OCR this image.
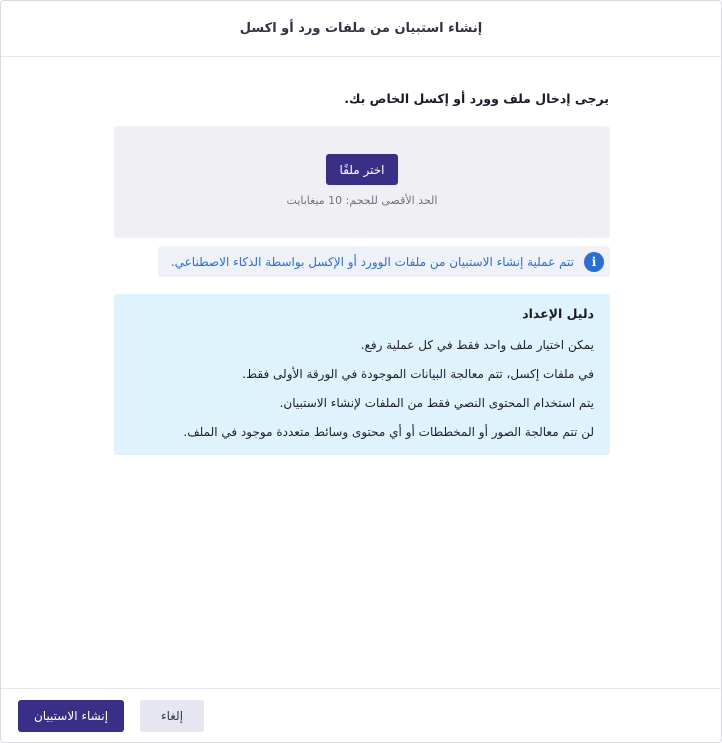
إنشاء استبيان من ملفات ورد أو اكسل
يرجى إدخال ملف وورد أو إكسل الخاص بك.
اختر ملفًا
الحد الأقصى للحجم: 10 ميغابايت
i
تتم عملية إنشاء الاستبيان من ملفات الوورد أو الإكسل بواسطة الذكاء الاصطناعي.
دليل الإعداد
يمكن اختيار ملف واحد فقط في كل عملية رفع.
في ملفات إكسل، تتم معالجة البيانات الموجودة في الورقة الأولى فقط.
يتم استخدام المحتوى النصي فقط من الملفات لإنشاء الاستبيان.
لن تتم معالجة الصور أو المخططات أو أي محتوى وسائط متعددة موجود في الملف.
إلغاء
إنشاء الاستبيان
